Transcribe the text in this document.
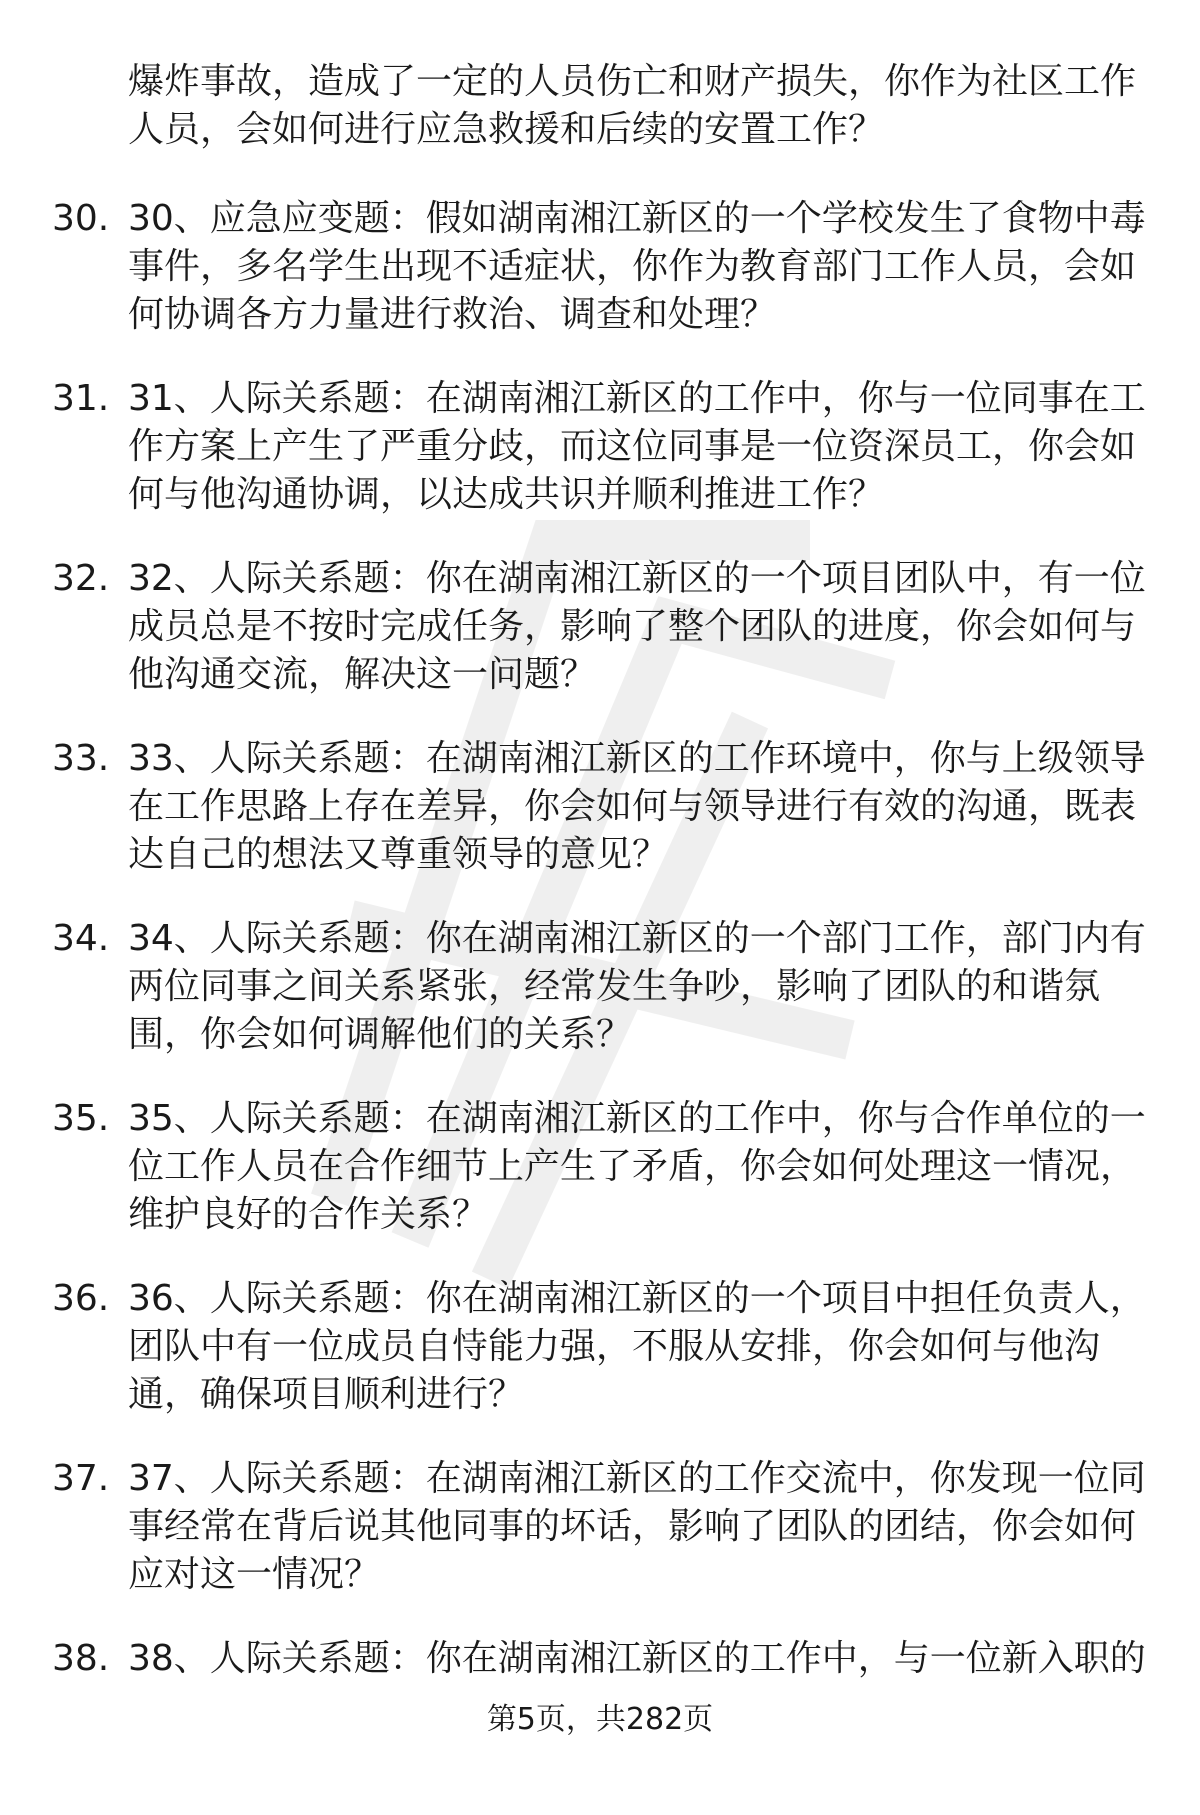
爆炸事故，造成了一定的人员伤亡和财产损失，你作为社区工作人员，会如何进行应急救援和后续的安置工作？

30. 30、应急应变题：假如湖南湘江新区的一个学校发生了食物中毒事件，多名学生出现不适症状，你作为教育部门工作人员，会如何协调各方力量进行救治、调查和处理？

31. 31、人际关系题：在湖南湘江新区的工作中，你与一位同事在工作方案上产生了严重分歧，而这位同事是一位资深员工，你会如何与他沟通协调，以达成共识并顺利推进工作？

32. 32、人际关系题：你在湖南湘江新区的一个项目团队中，有一位成员总是不按时完成任务，影响了整个团队的进度，你会如何与他沟通交流，解决这一问题？

33. 33、人际关系题：在湖南湘江新区的工作环境中，你与上级领导在工作思路上存在差异，你会如何与领导进行有效的沟通，既表达自己的想法又尊重领导的意见？

34. 34、人际关系题：你在湖南湘江新区的一个部门工作，部门内有两位同事之间关系紧张，经常发生争吵，影响了团队的和谐氛围，你会如何调解他们的关系？

35. 35、人际关系题：在湖南湘江新区的工作中，你与合作单位的一位工作人员在合作细节上产生了矛盾，你会如何处理这一情况，维护良好的合作关系？

36. 36、人际关系题：你在湖南湘江新区的一个项目中担任负责人，团队中有一位成员自恃能力强，不服从安排，你会如何与他沟通，确保项目顺利进行？

37. 37、人际关系题：在湖南湘江新区的工作交流中，你发现一位同事经常在背后说其他同事的坏话，影响了团队的团结，你会如何应对这一情况？

38. 38、人际关系题：你在湖南湘江新区的工作中，与一位新入职的

第5页，共282页
